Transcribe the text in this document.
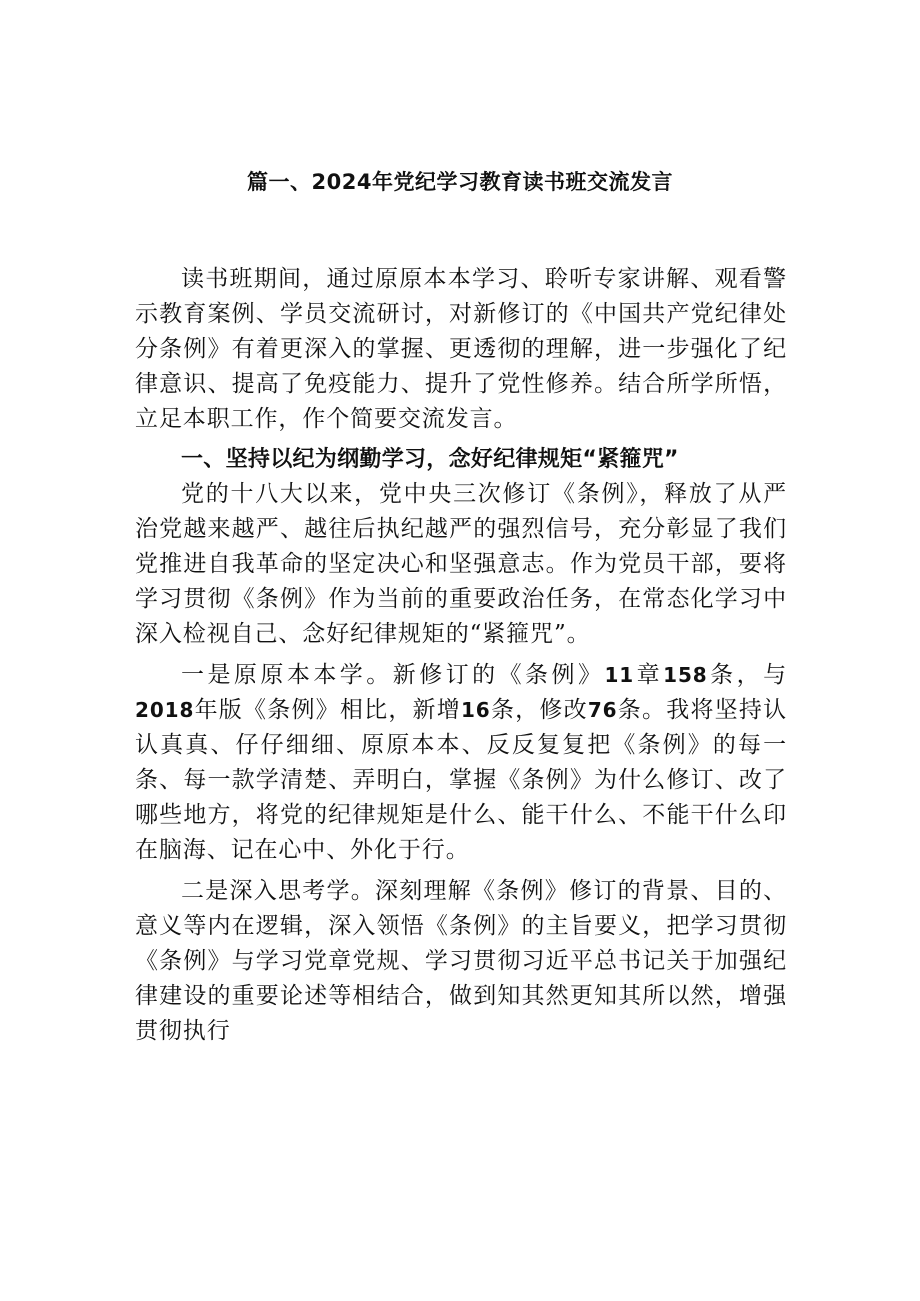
篇一、2024年党纪学习教育读书班交流发言

读书班期间，通过原原本本学习、聆听专家讲解、观看警示教育案例、学员交流研讨，对新修订的《中国共产党纪律处分条例》有着更深入的掌握、更透彻的理解，进一步强化了纪律意识、提高了免疫能力、提升了党性修养。结合所学所悟，立足本职工作，作个简要交流发言。

一、坚持以纪为纲勤学习，念好纪律规矩“紧箍咒”

党的十八大以来，党中央三次修订《条例》，释放了从严治党越来越严、越往后执纪越严的强烈信号，充分彰显了我们党推进自我革命的坚定决心和坚强意志。作为党员干部，要将学习贯彻《条例》作为当前的重要政治任务，在常态化学习中深入检视自己、念好纪律规矩的“紧箍咒”。

一是原原本本学。新修订的《条例》11章158条，与2018年版《条例》相比，新增16条，修改76条。我将坚持认认真真、仔仔细细、原原本本、反反复复把《条例》的每一条、每一款学清楚、弄明白，掌握《条例》为什么修订、改了哪些地方，将党的纪律规矩是什么、能干什么、不能干什么印在脑海、记在心中、外化于行。

二是深入思考学。深刻理解《条例》修订的背景、目的、意义等内在逻辑，深入领悟《条例》的主旨要义，把学习贯彻《条例》与学习党章党规、学习贯彻习近平总书记关于加强纪律建设的重要论述等相结合，做到知其然更知其所以然，增强贯彻执行
